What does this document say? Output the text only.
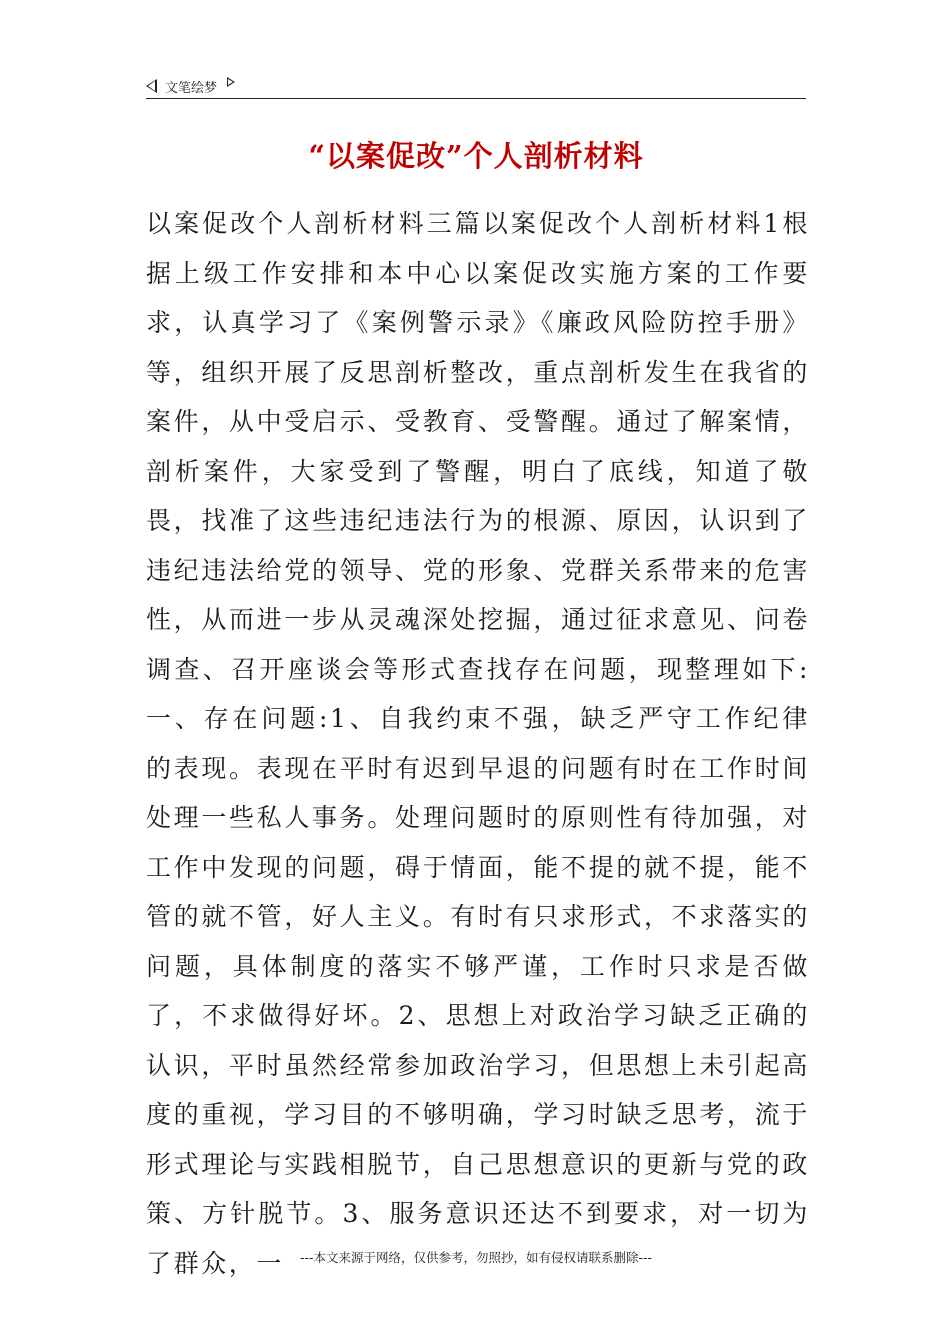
文笔绘梦
“以案促改”个人剖析材料
以案促改个人剖析材料三篇以案促改个人剖析材料1根据上级工作安排和本中心以案促改实施方案的工作要求，认真学习了《案例警示录》《廉政风险防控手册》等，组织开展了反思剖析整改，重点剖析发生在我省的案件，从中受启示、受教育、受警醒。通过了解案情，剖析案件，大家受到了警醒，明白了底线，知道了敬畏，找准了这些违纪违法行为的根源、原因，认识到了违纪违法给党的领导、党的形象、党群关系带来的危害性，从而进一步从灵魂深处挖掘，通过征求意见、问卷调查、召开座谈会等形式查找存在问题，现整理如下:一、存在问题:1、自我约束不强，缺乏严守工作纪律的表现。表现在平时有迟到早退的问题有时在工作时间处理一些私人事务。处理问题时的原则性有待加强，对工作中发现的问题，碍于情面，能不提的就不提，能不管的就不管，好人主义。有时有只求形式，不求落实的问题，具体制度的落实不够严谨，工作时只求是否做了，不求做得好坏。2、思想上对政治学习缺乏正确的认识，平时虽然经常参加政治学习，但思想上未引起高度的重视，学习目的不够明确，学习时缺乏思考，流于形式理论与实践相脱节，自己思想意识的更新与党的政策、方针脱节。3、服务意识还达不到要求，对一切为了群众，一	---本文来源于网络，仅供参考，勿照抄，如有侵权请联系删除---
